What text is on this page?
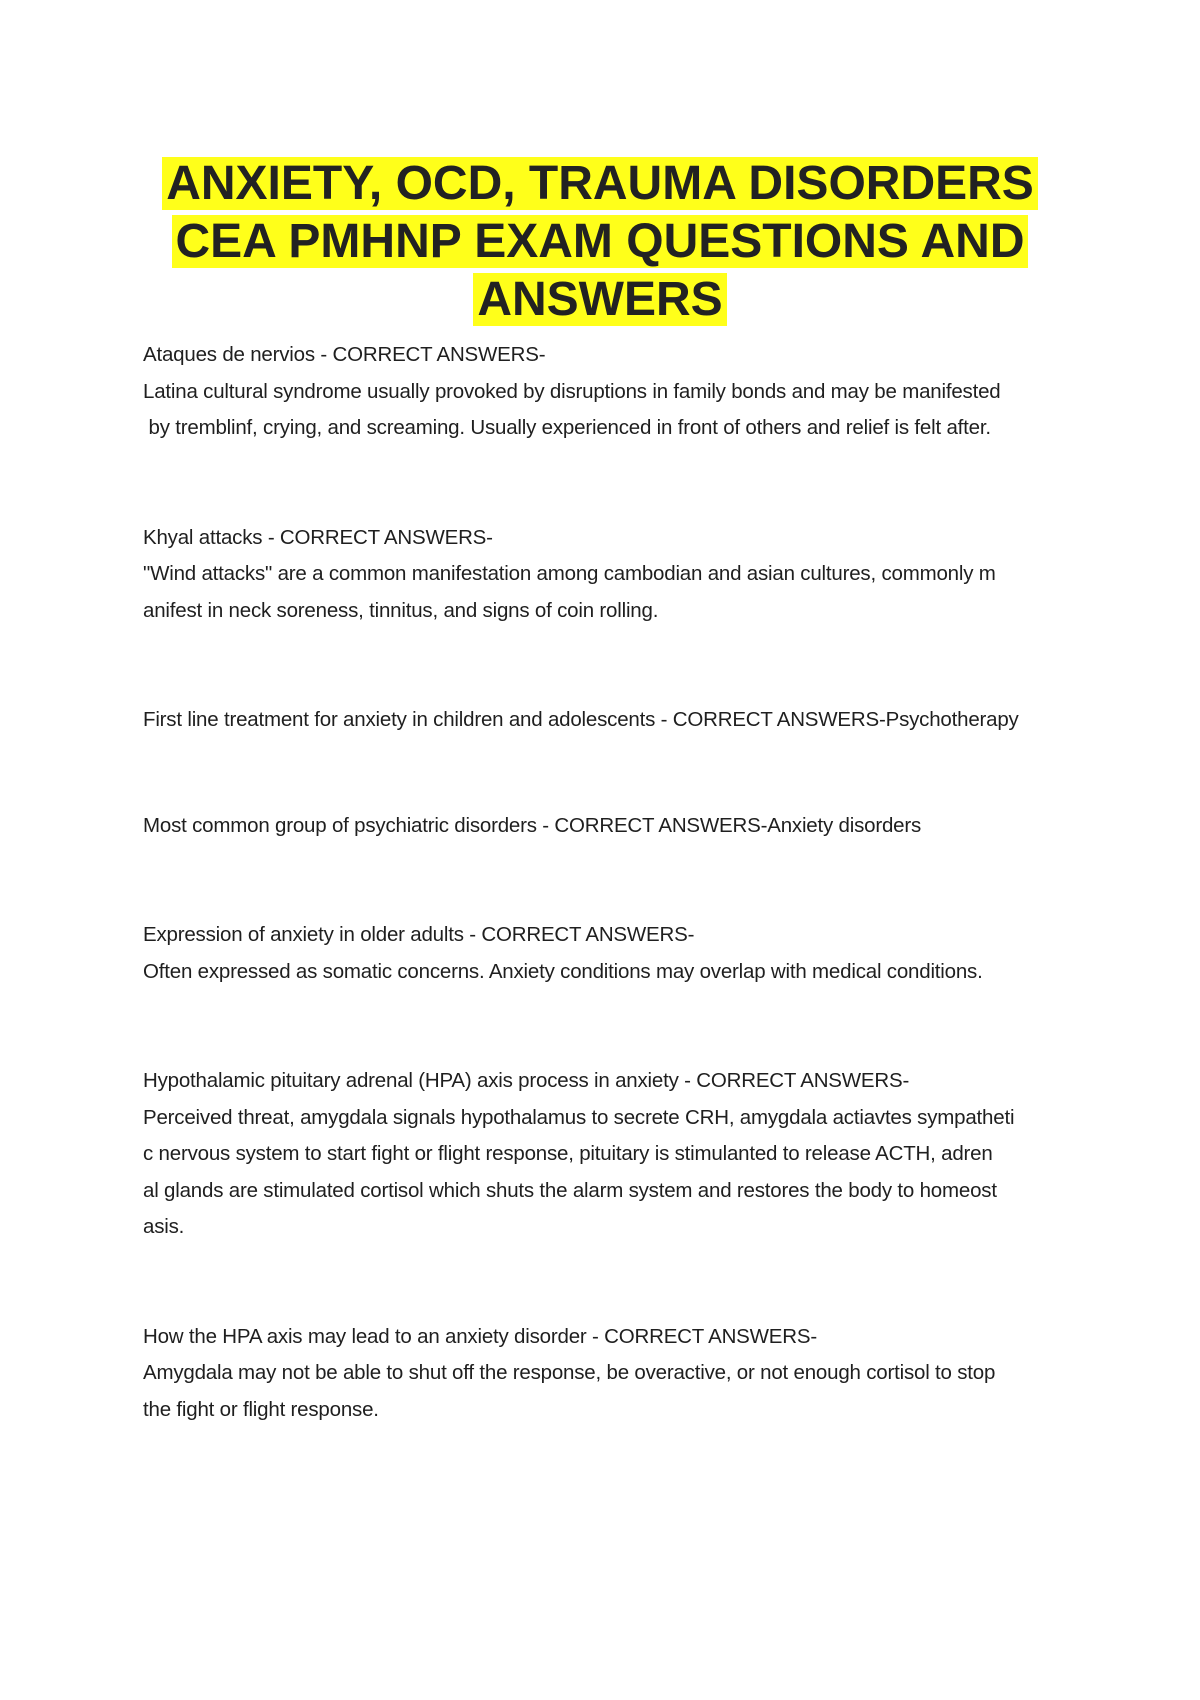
ANXIETY, OCD, TRAUMA DISORDERS
CEA PMHNP EXAM QUESTIONS AND
ANSWERS

Ataques de nervios - CORRECT ANSWERS-

Latina cultural syndrome usually provoked by disruptions in family bonds and may be manifested

by tremblinf, crying, and screaming. Usually experienced in front of others and relief is felt after.

Khyal attacks - CORRECT ANSWERS-

"Wind attacks" are a common manifestation among cambodian and asian cultures, commonly m

anifest in neck soreness, tinnitus, and signs of coin rolling.

First line treatment for anxiety in children and adolescents - CORRECT ANSWERS-Psychotherapy

Most common group of psychiatric disorders - CORRECT ANSWERS-Anxiety disorders

Expression of anxiety in older adults - CORRECT ANSWERS-

Often expressed as somatic concerns. Anxiety conditions may overlap with medical conditions.

Hypothalamic pituitary adrenal (HPA) axis process in anxiety - CORRECT ANSWERS-

Perceived threat, amygdala signals hypothalamus to secrete CRH, amygdala actiavtes sympatheti

c nervous system to start fight or flight response, pituitary is stimulanted to release ACTH, adren

al glands are stimulated cortisol which shuts the alarm system and restores the body to homeost

asis.

How the HPA axis may lead to an anxiety disorder - CORRECT ANSWERS-

Amygdala may not be able to shut off the response, be overactive, or not enough cortisol to stop

the fight or flight response.
